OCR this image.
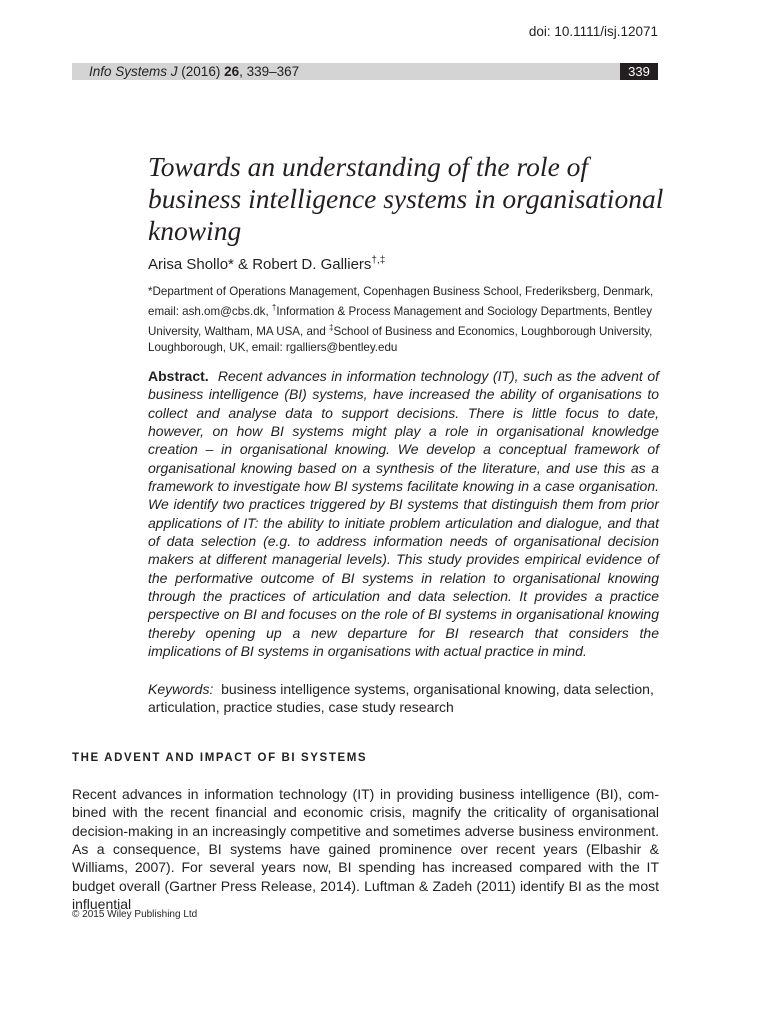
doi: 10.1111/isj.12071
Info Systems J (2016) 26, 339–367	339
Towards an understanding of the role of business intelligence systems in organisational knowing
Arisa Shollo* & Robert D. Galliers†,‡
*Department of Operations Management, Copenhagen Business School, Frederiksberg, Denmark, email: ash.om@cbs.dk, †Information & Process Management and Sociology Departments, Bentley University, Waltham, MA USA, and ‡School of Business and Economics, Loughborough University, Loughborough, UK, email: rgalliers@bentley.edu

Abstract. Recent advances in information technology (IT), such as the advent of business intelligence (BI) systems, have increased the ability of organisations to collect and analyse data to support decisions. There is little focus to date, however, on how BI systems might play a role in organisational knowledge creation – in organisational knowing. We develop a conceptual framework of organisational knowing based on a synthesis of the literature, and use this as a framework to investigate how BI systems facilitate knowing in a case organisation. We identify two practices triggered by BI systems that distinguish them from prior applications of IT: the ability to initiate problem articulation and dialogue, and that of data selection (e.g. to address information needs of organisational decision makers at different managerial levels). This study provides empirical evidence of the performative outcome of BI systems in relation to organisational knowing through the practices of articulation and data selection. It provides a practice perspective on BI and focuses on the role of BI systems in organisational knowing thereby opening up a new departure for BI research that considers the implications of BI systems in organisations with actual practice in mind.

Keywords: business intelligence systems, organisational knowing, data selection, articulation, practice studies, case study research

THE ADVENT AND IMPACT OF BI SYSTEMS

Recent advances in information technology (IT) in providing business intelligence (BI), combined with the recent financial and economic crisis, magnify the criticality of organisational decision-making in an increasingly competitive and sometimes adverse business environment. As a consequence, BI systems have gained prominence over recent years (Elbashir & Williams, 2007). For several years now, BI spending has increased compared with the IT budget overall (Gartner Press Release, 2014). Luftman & Zadeh (2011) identify BI as the most influential

© 2015 Wiley Publishing Ltd
